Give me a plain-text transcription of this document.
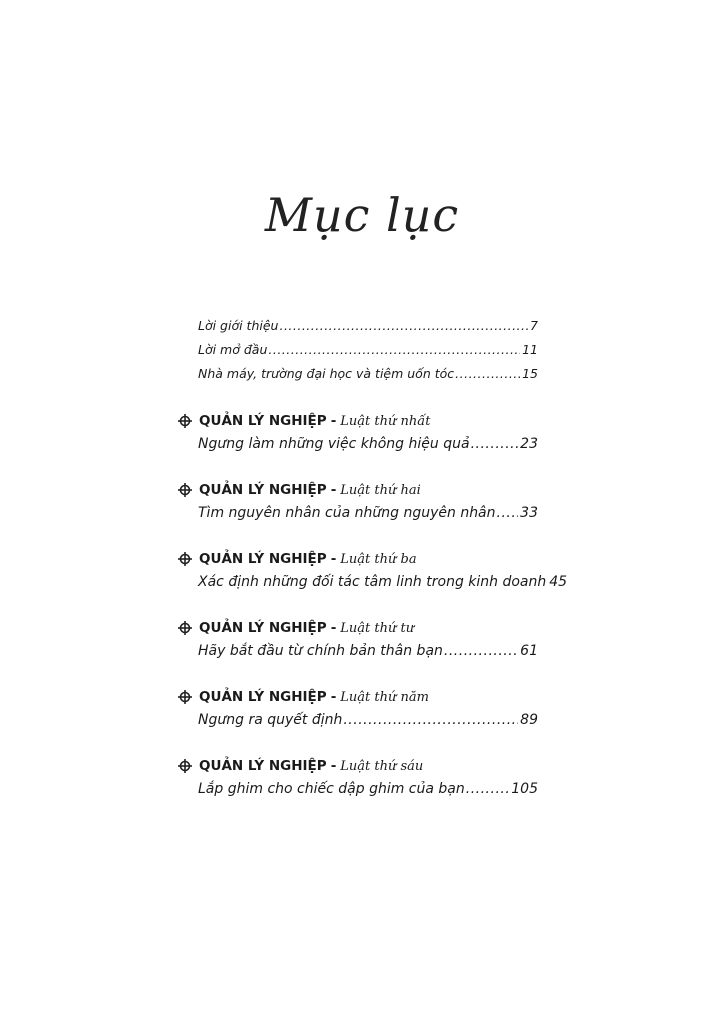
Mục lục
Lời giới thiệu .....	7
Lời mở đầu .....	11
Nhà máy, trường đại học và tiệm uốn tóc .....	15
QUẢN LÝ NGHIỆP - Luật thứ nhất
Ngưng làm những việc không hiệu quả .....	23
QUẢN LÝ NGHIỆP - Luật thứ hai
Tìm nguyên nhân của những nguyên nhân ..... 33
QUẢN LÝ NGHIỆP - Luật thứ ba
Xác định những đối tác tâm linh trong kinh doanh 45
QUẢN LÝ NGHIỆP - Luật thứ tư
Hãy bắt đầu từ chính bản thân bạn .....	61
QUẢN LÝ NGHIỆP - Luật thứ năm
Ngưng ra quyết định .....	89
QUẢN LÝ NGHIỆP - Luật thứ sáu
Lắp ghim cho chiếc dập ghim của bạn .....	105
